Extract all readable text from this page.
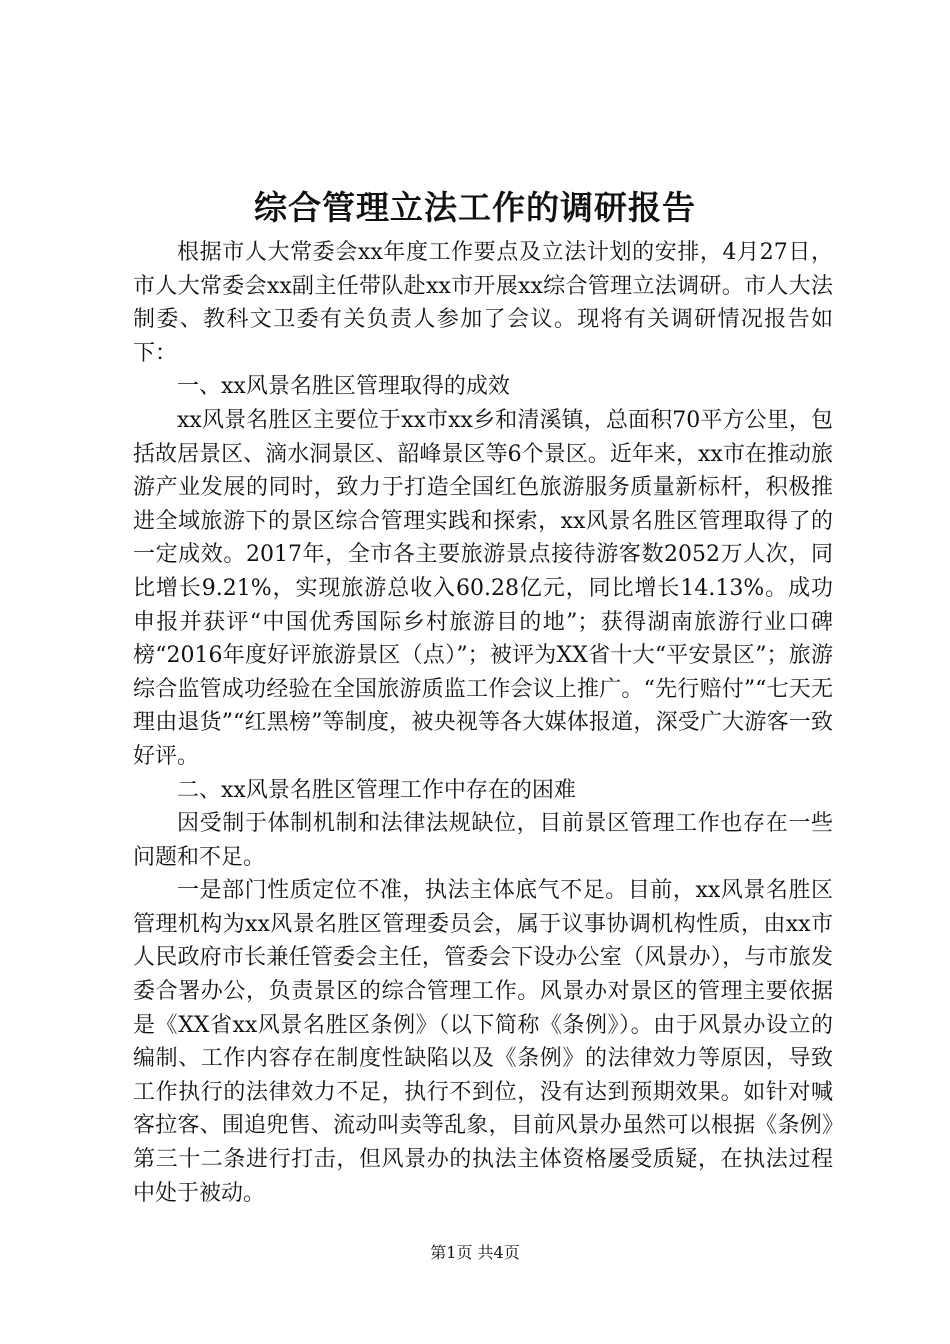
综合管理立法工作的调研报告

根据市人大常委会xx年度工作要点及立法计划的安排，4月27日，市人大常委会xx副主任带队赴xx市开展xx综合管理立法调研。市人大法制委、教科文卫委有关负责人参加了会议。现将有关调研情况报告如下：

一、xx风景名胜区管理取得的成效

xx风景名胜区主要位于xx市xx乡和清溪镇，总面积70平方公里，包括故居景区、滴水洞景区、韶峰景区等6个景区。近年来，xx市在推动旅游产业发展的同时，致力于打造全国红色旅游服务质量新标杆，积极推进全域旅游下的景区综合管理实践和探索，xx风景名胜区管理取得了的一定成效。2017年，全市各主要旅游景点接待游客数2052万人次，同比增长9.21%，实现旅游总收入60.28亿元，同比增长14.13%。成功申报并获评“中国优秀国际乡村旅游目的地”；获得湖南旅游行业口碑榜“2016年度好评旅游景区（点）”；被评为XX省十大“平安景区”；旅游综合监管成功经验在全国旅游质监工作会议上推广。“先行赔付”“七天无理由退货”“红黑榜”等制度，被央视等各大媒体报道，深受广大游客一致好评。

二、xx风景名胜区管理工作中存在的困难

因受制于体制机制和法律法规缺位，目前景区管理工作也存在一些问题和不足。

一是部门性质定位不准，执法主体底气不足。目前，xx风景名胜区管理机构为xx风景名胜区管理委员会，属于议事协调机构性质，由xx市人民政府市长兼任管委会主任，管委会下设办公室（风景办），与市旅发委合署办公，负责景区的综合管理工作。风景办对景区的管理主要依据是《XX省xx风景名胜区条例》（以下简称《条例》）。由于风景办设立的编制、工作内容存在制度性缺陷以及《条例》的法律效力等原因，导致工作执行的法律效力不足，执行不到位，没有达到预期效果。如针对喊客拉客、围追兜售、流动叫卖等乱象，目前风景办虽然可以根据《条例》第三十二条进行打击，但风景办的执法主体资格屡受质疑，在执法过程中处于被动。

第1页 共4页
